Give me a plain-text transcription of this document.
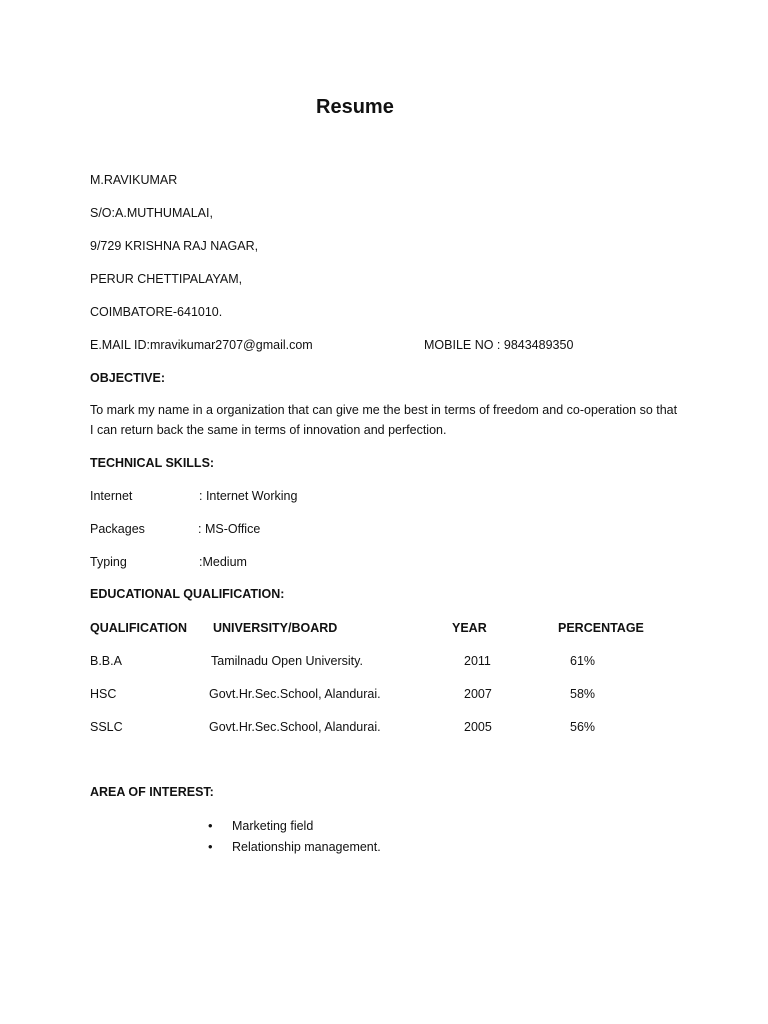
Resume
M.RAVIKUMAR
S/O:A.MUTHUMALAI,
9/729 KRISHNA RAJ NAGAR,
PERUR CHETTIPALAYAM,
COIMBATORE-641010.
E.MAIL ID:mravikumar2707@gmail.com	MOBILE NO : 9843489350
OBJECTIVE:
To mark my name in a organization that can give me the best in terms of freedom and co-operation so that I can return back the same in terms of innovation and perfection.
TECHNICAL SKILLS:
Internet	: Internet Working
Packages	: MS-Office
Typing	:Medium
EDUCATIONAL QUALIFICATION:
QUALIFICATION UNIVERSITY/BOARD	YEAR	PERCENTAGE
B.B.A	Tamilnadu Open University.	2011	61%
HSC	Govt.Hr.Sec.School, Alandurai.	2007	58%
SSLC	Govt.Hr.Sec.School, Alandurai.	2005	56%
AREA OF INTEREST:
• Marketing field
• Relationship management.
